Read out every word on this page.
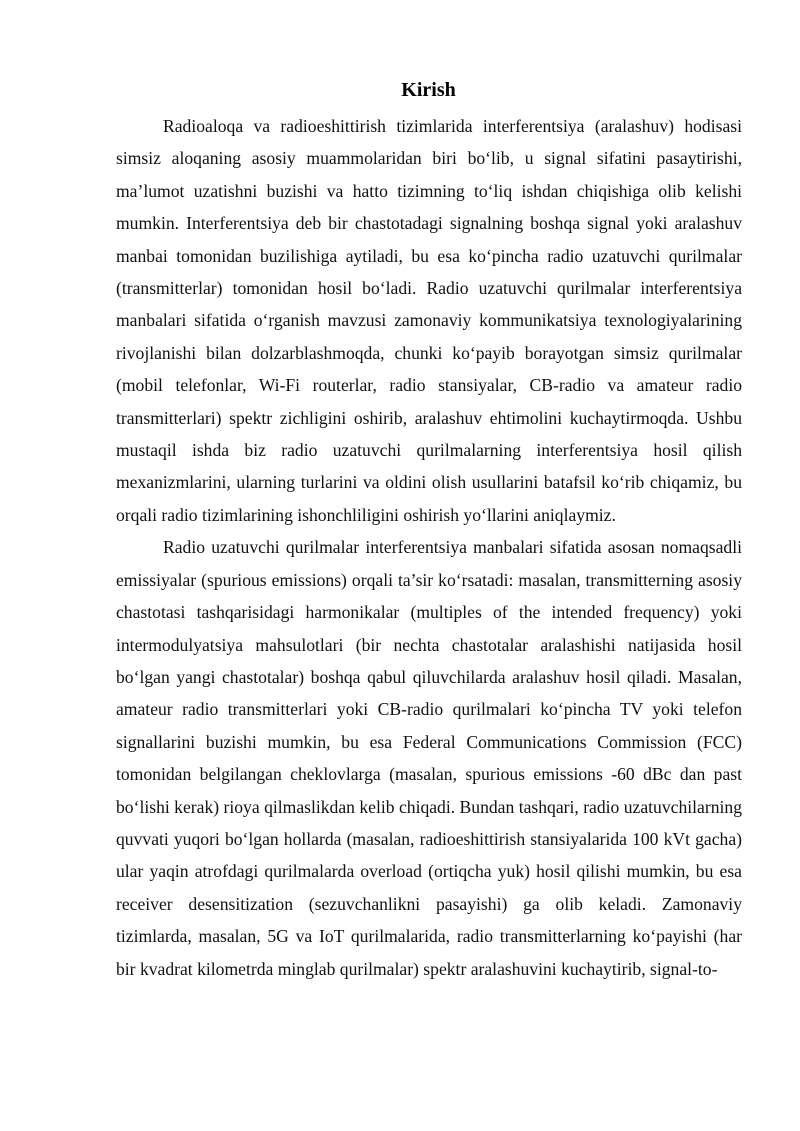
Kirish

Radioaloqa va radioeshittirish tizimlarida interferentsiya (aralashuv) hodisasi simsiz aloqaning asosiy muammolaridan biri bo‘lib, u signal sifatini pasaytirishi, ma’lumot uzatishni buzishi va hatto tizimning to‘liq ishdan chiqishiga olib kelishi mumkin. Interferentsiya deb bir chastotadagi signalning boshqa signal yoki aralashuv manbai tomonidan buzilishiga aytiladi, bu esa ko‘pincha radio uzatuvchi qurilmalar (transmitterlar) tomonidan hosil bo‘ladi. Radio uzatuvchi qurilmalar interferentsiya manbalari sifatida o‘rganish mavzusi zamonaviy kommunikatsiya texnologiyalarining rivojlanishi bilan dolzarblashmoqda, chunki ko‘payib borayotgan simsiz qurilmalar (mobil telefonlar, Wi-Fi routerlar, radio stansiyalar, CB-radio va amateur radio transmitterlari) spektr zichligini oshirib, aralashuv ehtimolini kuchaytirmoqda. Ushbu mustaqil ishda biz radio uzatuvchi qurilmalarning interferentsiya hosil qilish mexanizmlarini, ularning turlarini va oldini olish usullarini batafsil ko‘rib chiqamiz, bu orqali radio tizimlarining ishonchliligini oshirish yo‘llarini aniqlaymiz.

Radio uzatuvchi qurilmalar interferentsiya manbalari sifatida asosan nomaqsadli emissiyalar (spurious emissions) orqali ta’sir ko‘rsatadi: masalan, transmitterning asosiy chastotasi tashqarisidagi harmonikalar (multiples of the intended frequency) yoki intermodulyatsiya mahsulotlari (bir nechta chastotalar aralashishi natijasida hosil bo‘lgan yangi chastotalar) boshqa qabul qiluvchilarda aralashuv hosil qiladi. Masalan, amateur radio transmitterlari yoki CB-radio qurilmalari ko‘pincha TV yoki telefon signallarini buzishi mumkin, bu esa Federal Communications Commission (FCC) tomonidan belgilangan cheklovlarga (masalan, spurious emissions -60 dBc dan past bo‘lishi kerak) rioya qilmaslikdan kelib chiqadi. Bundan tashqari, radio uzatuvchilarning quvvati yuqori bo‘lgan hollarda (masalan, radioeshittirish stansiyalarida 100 kVt gacha) ular yaqin atrofdagi qurilmalarda overload (ortiqcha yuk) hosil qilishi mumkin, bu esa receiver desensitization (sezuvchanlikni pasayishi) ga olib keladi. Zamonaviy tizimlarda, masalan, 5G va IoT qurilmalarida, radio transmitterlarning ko‘payishi (har bir kvadrat kilometrda minglab qurilmalar) spektr aralashuvini kuchaytirib, signal-to-
